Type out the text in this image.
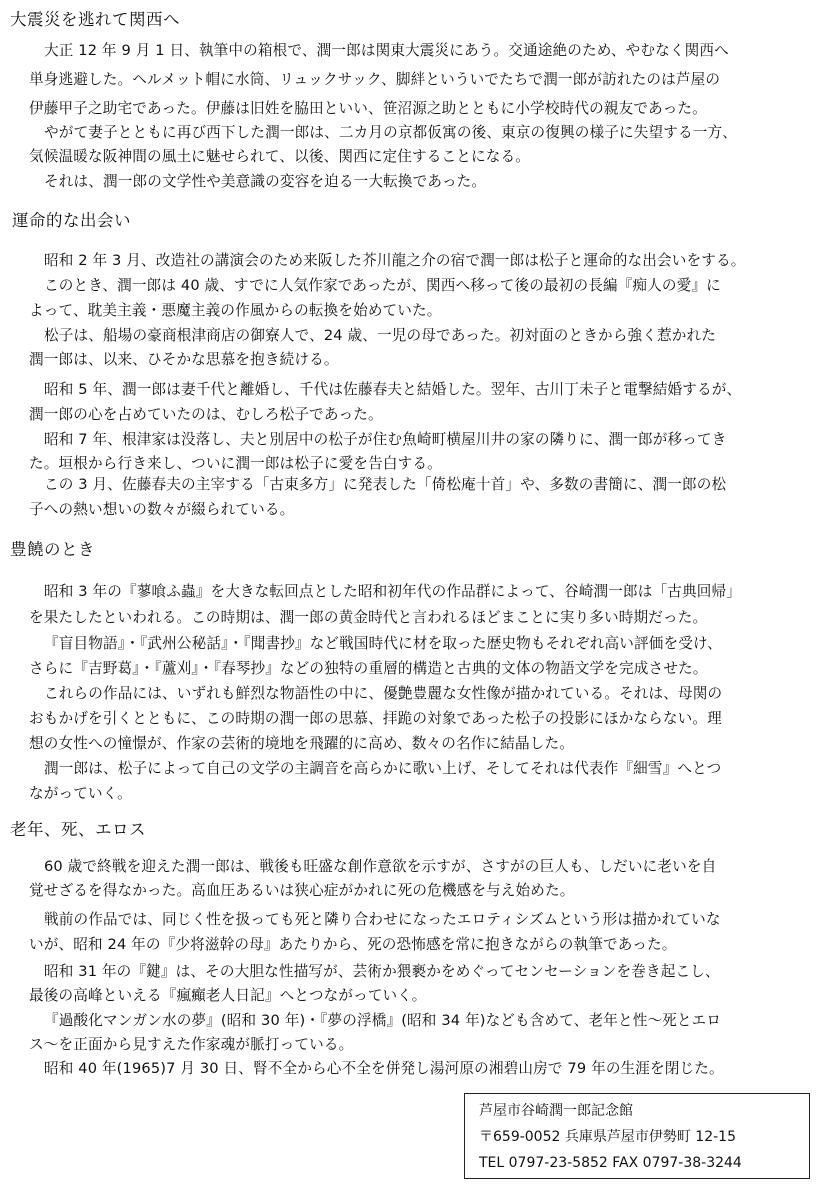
大震災を逃れて関西へ

大正 12 年 9 月 1 日、執筆中の箱根で、潤一郎は関東大震災にあう。交通途絶のため、やむなく関西へ

単身逃避した。ヘルメット帽に水筒、リュックサック、脚絆といういでたちで潤一郎が訪れたのは芦屋の

伊藤甲子之助宅であった。伊藤は旧姓を脇田といい、笹沼源之助とともに小学校時代の親友であった。

やがて妻子とともに再び西下した潤一郎は、二カ月の京都仮寓の後、東京の復興の様子に失望する一方、

気候温暖な阪神間の風土に魅せられて、以後、関西に定住することになる。

それは、潤一郎の文学性や美意識の変容を迫る一大転換であった。

運命的な出会い

昭和 2 年 3 月、改造社の講演会のため来阪した芥川龍之介の宿で潤一郎は松子と運命的な出会いをする。

このとき、潤一郎は 40 歳、すでに人気作家であったが、関西へ移って後の最初の長編『痴人の愛』に

よって、耽美主義・悪魔主義の作風からの転換を始めていた。

松子は、船場の豪商根津商店の御寮人で、24 歳、一児の母であった。初対面のときから強く惹かれた

潤一郎は、以来、ひそかな思慕を抱き続ける。

昭和 5 年、潤一郎は妻千代と離婚し、千代は佐藤春夫と結婚した。翌年、古川丁未子と電撃結婚するが、

潤一郎の心を占めていたのは、むしろ松子であった。

昭和 7 年、根津家は没落し、夫と別居中の松子が住む魚崎町横屋川井の家の隣りに、潤一郎が移ってき

た。垣根から行き来し、ついに潤一郎は松子に愛を告白する。

この 3 月、佐藤春夫の主宰する「古東多方」に発表した「倚松庵十首」や、多数の書簡に、潤一郎の松

子への熱い想いの数々が綴られている。

豊饒のとき

昭和 3 年の『蓼喰ふ蟲』を大きな転回点とした昭和初年代の作品群によって、谷崎潤一郎は「古典回帰」

を果たしたといわれる。この時期は、潤一郎の黄金時代と言われるほどまことに実り多い時期だった。

『盲目物語』・『武州公秘話』・『聞書抄』など戦国時代に材を取った歴史物もそれぞれ高い評価を受け、

さらに『吉野葛』・『蘆刈』・『春琴抄』などの独特の重層的構造と古典的文体の物語文学を完成させた。

これらの作品には、いずれも鮮烈な物語性の中に、優艶豊麗な女性像が描かれている。それは、母関の

おもかげを引くとともに、この時期の潤一郎の思慕、拝跪の対象であった松子の投影にほかならない。理

想の女性への憧憬が、作家の芸術的境地を飛躍的に高め、数々の名作に結晶した。

潤一郎は、松子によって自己の文学の主調音を高らかに歌い上げ、そしてそれは代表作『細雪』へとつ

ながっていく。

老年、死、エロス

60 歳で終戦を迎えた潤一郎は、戦後も旺盛な創作意欲を示すが、さすがの巨人も、しだいに老いを自

覚せざるを得なかった。高血圧あるいは狭心症がかれに死の危機感を与え始めた。

戦前の作品では、同じく性を扱っても死と隣り合わせになったエロティシズムという形は描かれていな

いが、昭和 24 年の『少将滋幹の母』あたりから、死の恐怖感を常に抱きながらの執筆であった。

昭和 31 年の『鍵』は、その大胆な性描写が、芸術か猥褻かをめぐってセンセーションを巻き起こし、

最後の高峰といえる『瘋癲老人日記』へとつながっていく。

『過酸化マンガン水の夢』(昭和 30 年)・『夢の浮橋』(昭和 34 年)なども含めて、老年と性～死とエロ

ス～を正面から見すえた作家魂が脈打っている。

昭和 40 年(1965)7 月 30 日、腎不全から心不全を併発し湯河原の湘碧山房で 79 年の生涯を閉じた。

芦屋市谷崎潤一郎記念館
〒659-0052 兵庫県芦屋市伊勢町 12-15
TEL 0797-23-5852 FAX 0797-38-3244
